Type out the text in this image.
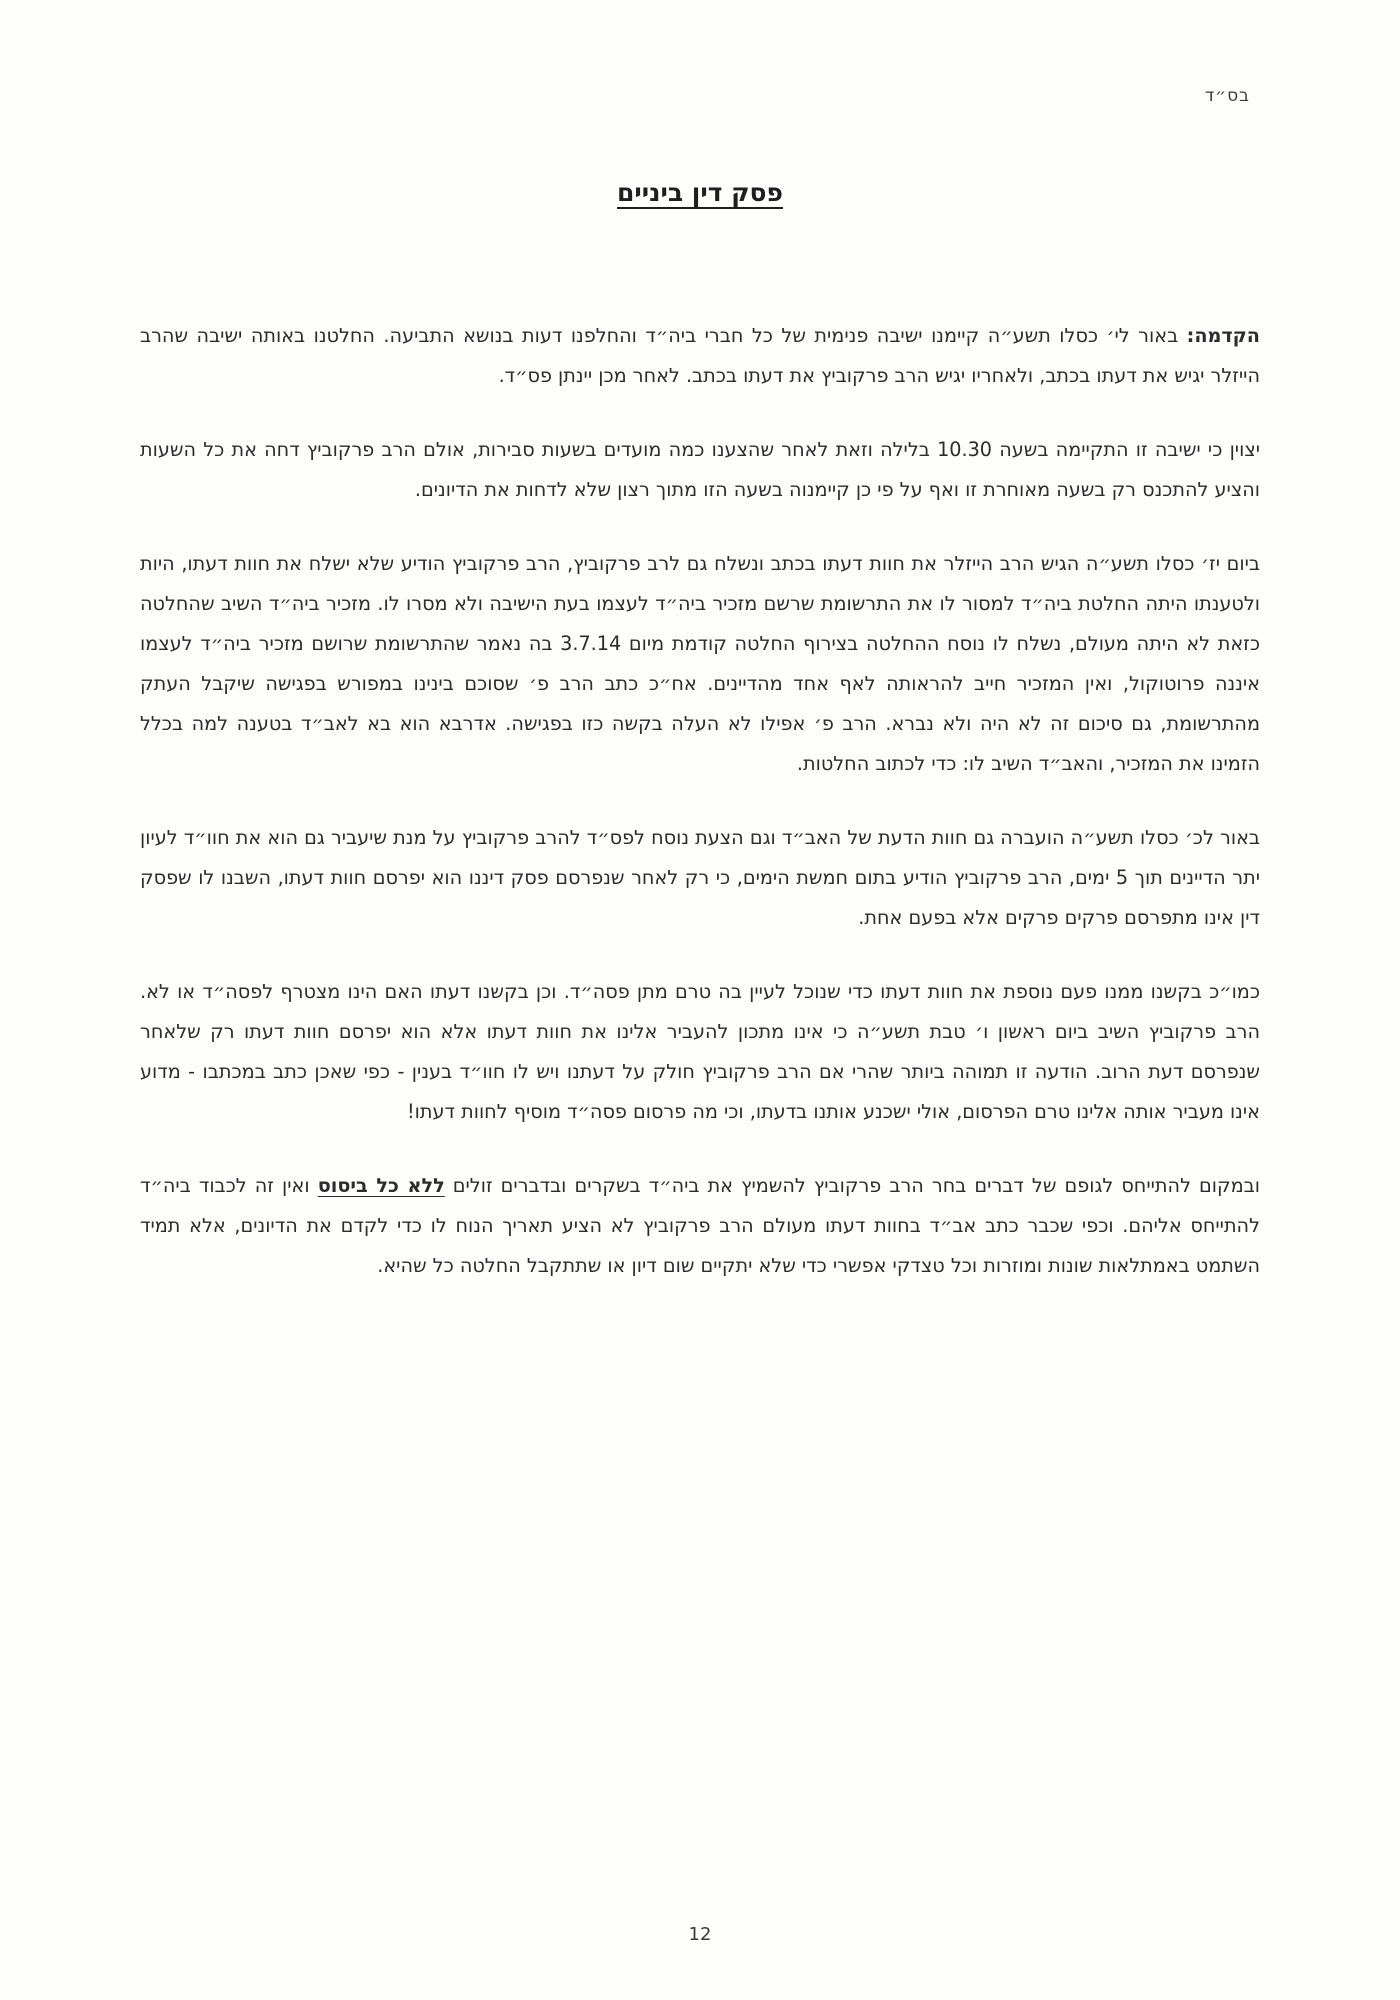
בס״ד
פסק דין ביניים

הקדמה: באור לי׳ כסלו תשע״ה קיימנו ישיבה פנימית של כל חברי ביה״ד והחלפנו דעות בנושא התביעה. החלטנו באותה ישיבה שהרב הייזלר יגיש את דעתו בכתב, ולאחריו יגיש הרב פרקוביץ את דעתו בכתב. לאחר מכן יינתן פס״ד.

יצוין כי ישיבה זו התקיימה בשעה 10.30 בלילה וזאת לאחר שהצענו כמה מועדים בשעות סבירות, אולם הרב פרקוביץ דחה את כל השעות והציע להתכנס רק בשעה מאוחרת זו ואף על פי כן קיימנוה בשעה הזו מתוך רצון שלא לדחות את הדיונים.

ביום יז׳ כסלו תשע״ה הגיש הרב הייזלר את חוות דעתו בכתב ונשלח גם לרב פרקוביץ, הרב פרקוביץ הודיע שלא ישלח את חוות דעתו, היות ולטענתו היתה החלטת ביה״ד למסור לו את התרשומת שרשם מזכיר ביה״ד לעצמו בעת הישיבה ולא מסרו לו. מזכיר ביה״ד השיב שהחלטה כזאת לא היתה מעולם, נשלח לו נוסח ההחלטה בצירוף החלטה קודמת מיום 3.7.14 בה נאמר שהתרשומת שרושם מזכיר ביה״ד לעצמו איננה פרוטוקול, ואין המזכיר חייב להראותה לאף אחד מהדיינים. אח״כ כתב הרב פ׳ שסוכם בינינו במפורש בפגישה שיקבל העתק מהתרשומת, גם סיכום זה לא היה ולא נברא. הרב פ׳ אפילו לא העלה בקשה כזו בפגישה. אדרבא הוא בא לאב״ד בטענה למה בכלל הזמינו את המזכיר, והאב״ד השיב לו: כדי לכתוב החלטות.

באור לכ׳ כסלו תשע״ה הועברה גם חוות הדעת של האב״ד וגם הצעת נוסח לפס״ד להרב פרקוביץ על מנת שיעביר גם הוא את חוו״ד לעיון יתר הדיינים תוך 5 ימים, הרב פרקוביץ הודיע בתום חמשת הימים, כי רק לאחר שנפרסם פסק דיננו הוא יפרסם חוות דעתו, השבנו לו שפסק דין אינו מתפרסם פרקים פרקים אלא בפעם אחת.

כמו״כ בקשנו ממנו פעם נוספת את חוות דעתו כדי שנוכל לעיין בה טרם מתן פסה״ד. וכן בקשנו דעתו האם הינו מצטרף לפסה״ד או לא. הרב פרקוביץ השיב ביום ראשון ו׳ טבת תשע״ה כי אינו מתכון להעביר אלינו את חוות דעתו אלא הוא יפרסם חוות דעתו רק שלאחר שנפרסם דעת הרוב. הודעה זו תמוהה ביותר שהרי אם הרב פרקוביץ חולק על דעתנו ויש לו חוו״ד בענין - כפי שאכן כתב במכתבו - מדוע אינו מעביר אותה אלינו טרם הפרסום, אולי ישכנע אותנו בדעתו, וכי מה פרסום פסה״ד מוסיף לחוות דעתו!

ובמקום להתייחס לגופם של דברים בחר הרב פרקוביץ להשמיץ את ביה״ד בשקרים ובדברים זולים ללא כל ביסוס ואין זה לכבוד ביה״ד להתייחס אליהם. וכפי שכבר כתב אב״ד בחוות דעתו מעולם הרב פרקוביץ לא הציע תאריך הנוח לו כדי לקדם את הדיונים, אלא תמיד השתמט באמתלאות שונות ומוזרות וכל טצדקי אפשרי כדי שלא יתקיים שום דיון או שתתקבל החלטה כל שהיא.

12
